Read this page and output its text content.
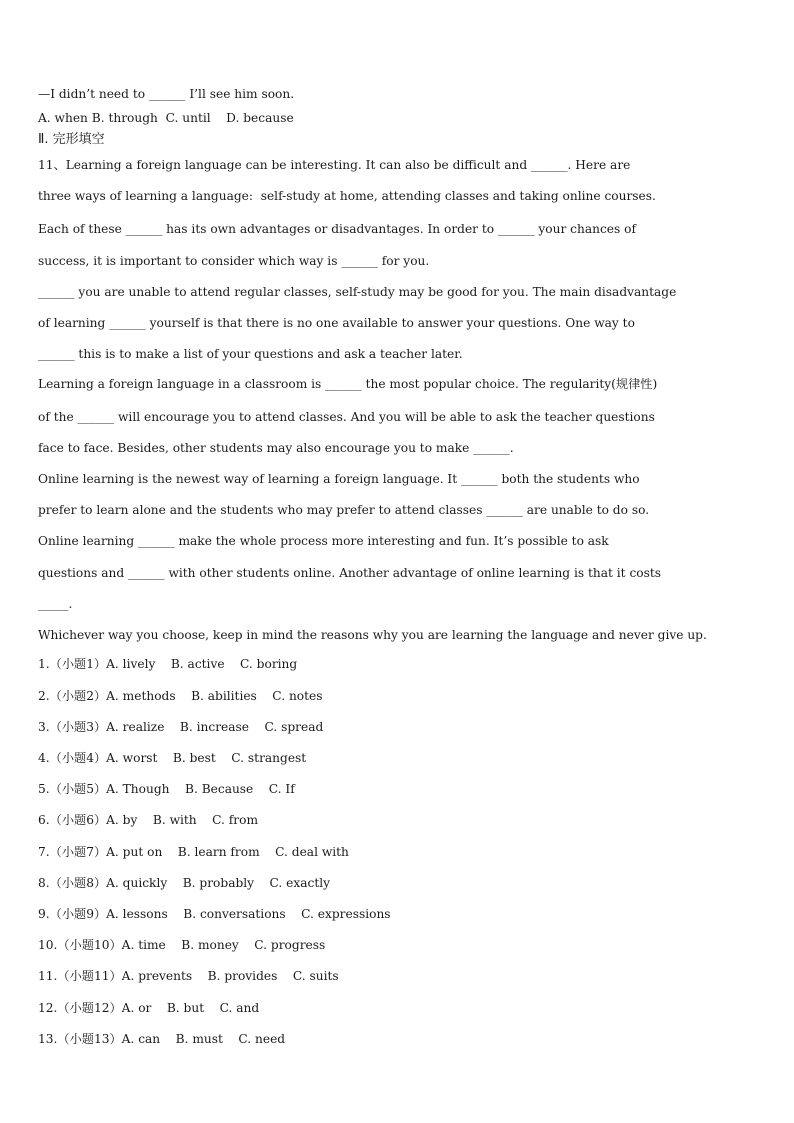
—I didn’t need to ______ I’ll see him soon.
A. when B. through  C. until    D. because
Ⅱ. 完形填空
11、Learning a foreign language can be interesting. It can also be difficult and ______. Here are
three ways of learning a language:  self-study at home, attending classes and taking online courses.
Each of these ______ has its own advantages or disadvantages. In order to ______ your chances of
success, it is important to consider which way is ______ for you.
______ you are unable to attend regular classes, self-study may be good for you. The main disadvantage
of learning ______ yourself is that there is no one available to answer your questions. One way to
______ this is to make a list of your questions and ask a teacher later.
Learning a foreign language in a classroom is ______ the most popular choice. The regularity(规律性)
of the ______ will encourage you to attend classes. And you will be able to ask the teacher questions
face to face. Besides, other students may also encourage you to make ______.
Online learning is the newest way of learning a foreign language. It ______ both the students who
prefer to learn alone and the students who may prefer to attend classes ______ are unable to do so.
Online learning ______ make the whole process more interesting and fun. It’s possible to ask
questions and ______ with other students online. Another advantage of online learning is that it costs
_____.
Whichever way you choose, keep in mind the reasons why you are learning the language and never give up.
1.（小题1）A. lively    B. active    C. boring
2.（小题2）A. methods    B. abilities    C. notes
3.（小题3）A. realize    B. increase    C. spread
4.（小题4）A. worst    B. best    C. strangest
5.（小题5）A. Though    B. Because    C. If
6.（小题6）A. by    B. with    C. from
7.（小题7）A. put on    B. learn from    C. deal with
8.（小题8）A. quickly    B. probably    C. exactly
9.（小题9）A. lessons    B. conversations    C. expressions
10.（小题10）A. time    B. money    C. progress
11.（小题11）A. prevents    B. provides    C. suits
12.（小题12）A. or    B. but    C. and
13.（小题13）A. can    B. must    C. need
